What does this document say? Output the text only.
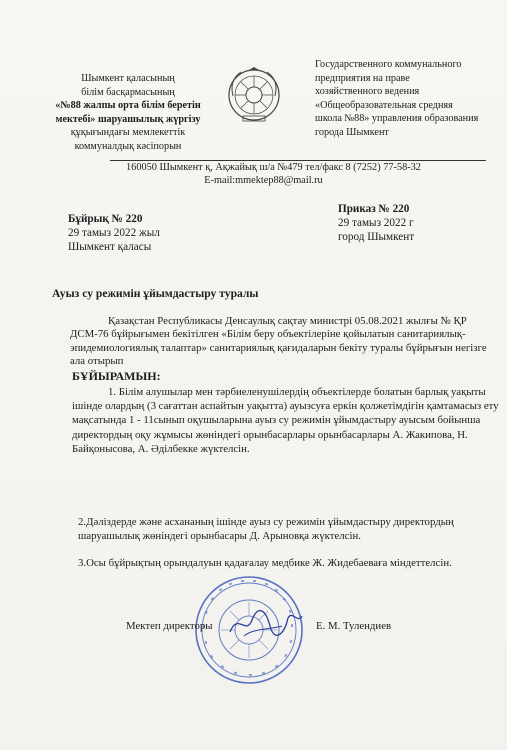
Шымкент қаласының
білім басқармасының
«№88 жалпы орта білім беретін
мектебі» шаруашылық жүргізу
құқығындағы мемлекеттік
коммуналдық кәсіпорын
Государственного коммунального
предприятия на праве
хозяйственного ведения
«Общеобразовательная средняя
школа №88» управления образования
города Шымкент
160050 Шымкент қ, Ақжайық ш/а №479 тел/факс 8 (7252) 77-58-32
E-mail:mmektep88@mail.ru
Бұйрық № 220
29 тамыз 2022 жыл
Шымкент қаласы
Приказ № 220
29 тамыз 2022 г
город Шымкент
Ауыз су режимін ұйымдастыру туралы
Қазақстан Республикасы Денсаулық сақтау министрі 05.08.2021 жылғы № ҚР ДСМ-76 бұйрығымен бекітілген «Білім беру объектілеріне қойылатын санитариялық-эпидемиологиялық талаптар» санитариялық қағидаларын бекіту туралы бұйрығын негізге ала отырып
БҰЙЫРАМЫН:
1. Білім алушылар мен тәрбиеленушілердің объектілерде болатын барлық уақыты ішінде олардың (3 сағаттан аспайтын уақытта) ауызсуға еркін қолжетімдігін қамтамасыз ету мақсатында 1 - 11сынып оқушыларына ауыз су режимін ұйымдастыру ауысым бойынша директордың оқу жұмысы жөніндегі орынбасарлары орынбасарлары А. Жакипова, Н. Байқонысова, А. Әділбекке жүктелсін.
2.Дәліздерде және асхананың ішінде ауыз су режимін ұйымдастыру директордың шаруашылық жөніндегі орынбасары Д. Арыновқа жүктелсін.
3.Осы бұйрықтың орындалуын қадағалау медбике Ж. Жидебаеваға міндеттелсін.
Мектеп директоры	Е. М. Тулендиев
